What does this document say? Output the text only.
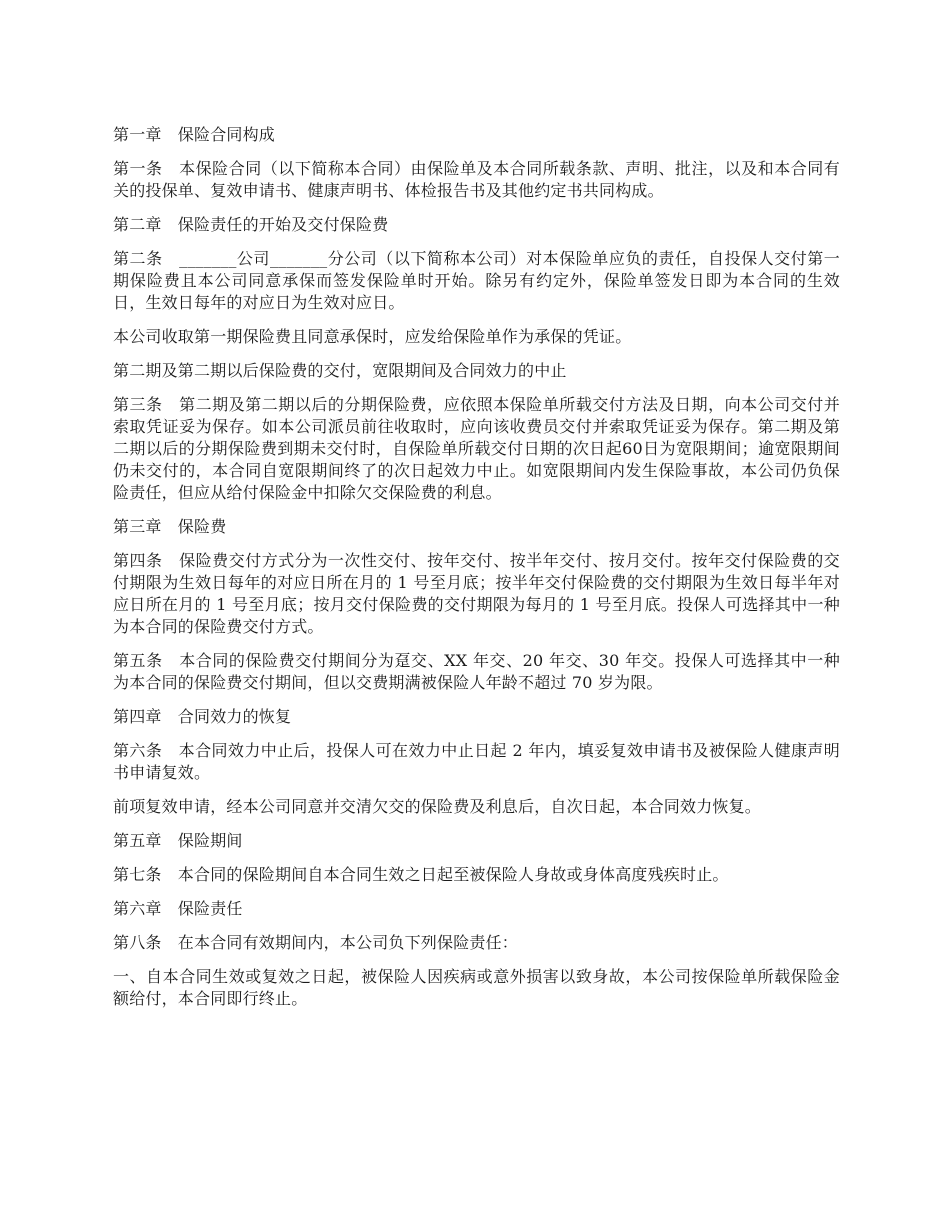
第一章　保险合同构成

第一条　本保险合同（以下简称本合同）由保险单及本合同所载条款、声明、批注，以及和本合同有关的投保单、复效申请书、健康声明书、体检报告书及其他约定书共同构成。

第二章　保险责任的开始及交付保险费

第二条　_______公司_______分公司（以下简称本公司）对本保险单应负的责任，自投保人交付第一期保险费且本公司同意承保而签发保险单时开始。除另有约定外，保险单签发日即为本合同的生效日，生效日每年的对应日为生效对应日。

本公司收取第一期保险费且同意承保时，应发给保险单作为承保的凭证。

第二期及第二期以后保险费的交付，宽限期间及合同效力的中止

第三条　第二期及第二期以后的分期保险费，应依照本保险单所载交付方法及日期，向本公司交付并索取凭证妥为保存。如本公司派员前往收取时，应向该收费员交付并索取凭证妥为保存。第二期及第二期以后的分期保险费到期未交付时，自保险单所载交付日期的次日起60日为宽限期间；逾宽限期间仍未交付的，本合同自宽限期间终了的次日起效力中止。如宽限期间内发生保险事故，本公司仍负保险责任，但应从给付保险金中扣除欠交保险费的利息。

第三章　保险费

第四条　保险费交付方式分为一次性交付、按年交付、按半年交付、按月交付。按年交付保险费的交付期限为生效日每年的对应日所在月的 1 号至月底；按半年交付保险费的交付期限为生效日每半年对应日所在月的 1 号至月底；按月交付保险费的交付期限为每月的 1 号至月底。投保人可选择其中一种为本合同的保险费交付方式。

第五条　本合同的保险费交付期间分为趸交、XX 年交、20 年交、30 年交。投保人可选择其中一种为本合同的保险费交付期间，但以交费期满被保险人年龄不超过 70 岁为限。

第四章　合同效力的恢复

第六条　本合同效力中止后，投保人可在效力中止日起 2 年内，填妥复效申请书及被保险人健康声明书申请复效。

前项复效申请，经本公司同意并交清欠交的保险费及利息后，自次日起，本合同效力恢复。

第五章　保险期间

第七条　本合同的保险期间自本合同生效之日起至被保险人身故或身体高度残疾时止。

第六章　保险责任

第八条　在本合同有效期间内，本公司负下列保险责任：

一、自本合同生效或复效之日起，被保险人因疾病或意外损害以致身故，本公司按保险单所载保险金额给付，本合同即行终止。
